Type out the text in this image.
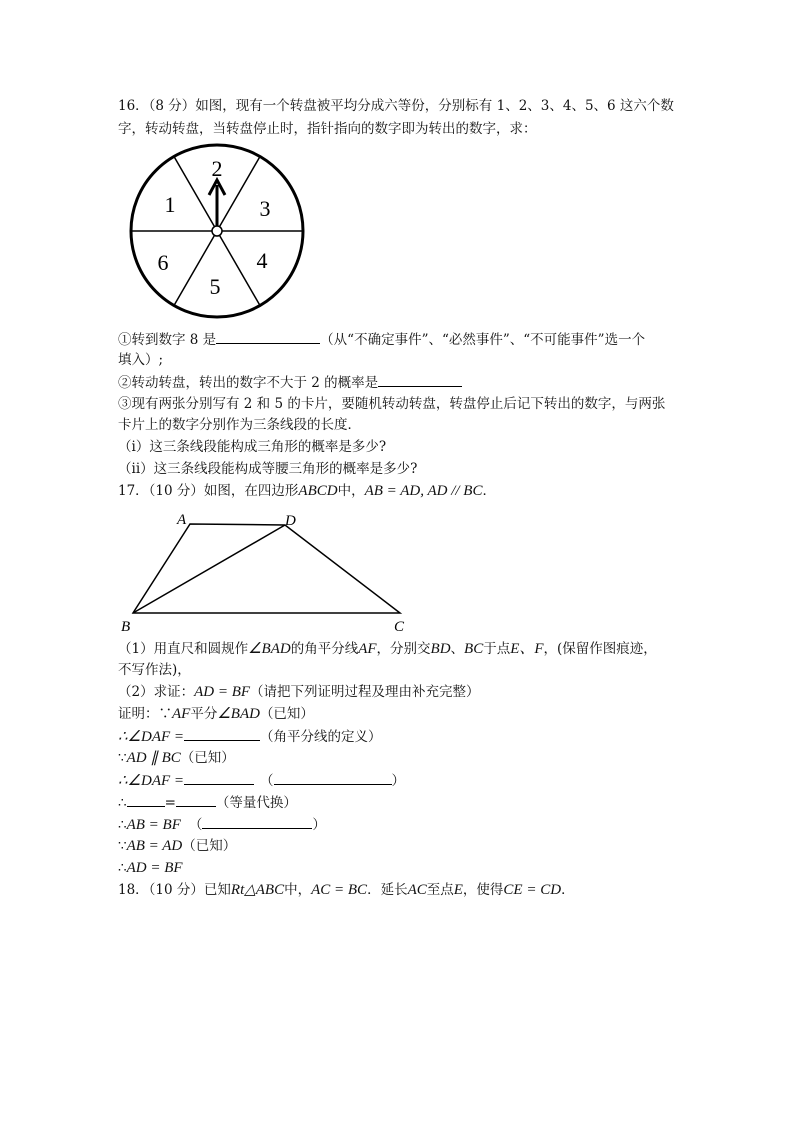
16．（8 分）如图，现有一个转盘被平均分成六等份，分别标有 1、2、3、4、5、6 这六个数
字，转动转盘，当转盘停止时，指针指向的数字即为转出的数字，求：
1
2
3
4
5
6
①转到数字 8 是	（从“不确定事件”、“必然事件”、“不可能事件”选一个
填入）;
②转动转盘，转出的数字不大于 2 的概率是
③现有两张分别写有 2 和 5 的卡片，要随机转动转盘，转盘停止后记下转出的数字，与两张
卡片上的数字分别作为三条线段的长度．
（i）这三条线段能构成三角形的概率是多少?
（ii）这三条线段能构成等腰三角形的概率是多少?
17．（10 分）如图，在四边形ABCD中，AB = AD, AD // BC．
A	D
B	C
（1）用直尺和圆规作∠BAD的角平分线AF，分别交BD、BC于点E、F，(保留作图痕迹，
不写作法)，
（2）求证：AD = BF（请把下列证明过程及理由补充完整）
证明：∵AF平分∠BAD（已知）
∴∠DAF =	（角平分线的定义）
∵AD ∥ BC（已知）
∴∠DAF =	（	）
∴	=	（等量代换）
∴AB = BF （	）
∵AB = AD（已知）
∴AD = BF
18．（10 分）已知Rt△ABC中，AC = BC．延长AC至点E，使得CE = CD．
